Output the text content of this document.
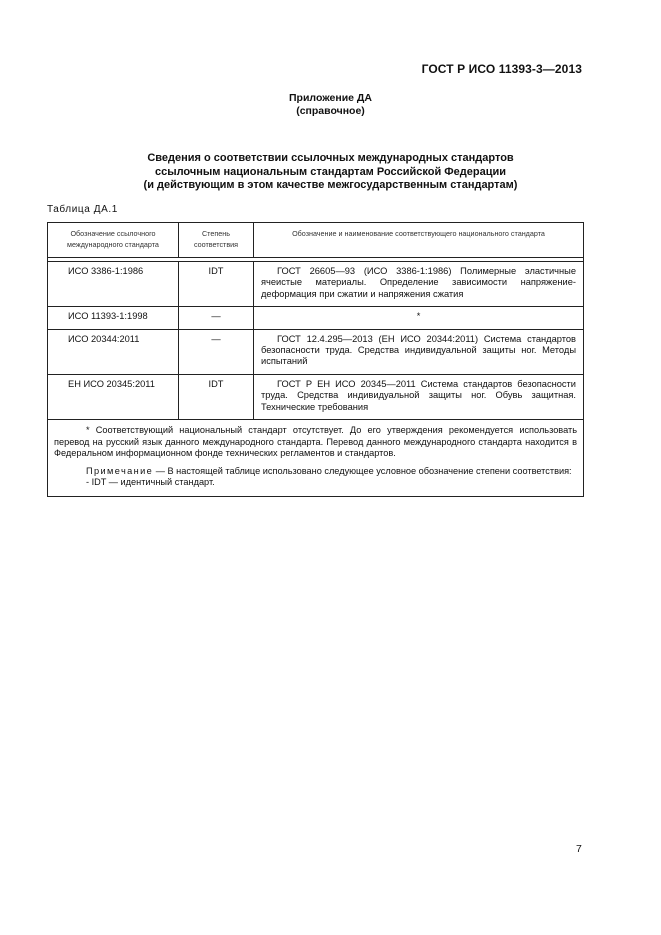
ГОСТ Р ИСО 11393-3—2013
Приложение ДА
(справочное)
Сведения о соответствии ссылочных международных стандартов
ссылочным национальным стандартам Российской Федерации
(и действующим в этом качестве межгосударственным стандартам)
Таблица ДА.1
Обозначение ссылочного международного стандарта	Степень соответствия	Обозначение и наименование соответствующего национального стандарта

ИСО 3386-1:1986	IDT	ГОСТ 26605—93 (ИСО 3386-1:1986) Полимерные эластичные ячеистые материалы. Определение зависимости напряжение-деформация при сжатии и напряжения сжатия

ИСО 11393-1:1998	—	*
ИСО 20344:2011	—	ГОСТ 12.4.295—2013 (ЕН ИСО 20344:2011) Система стандартов безопасности труда. Средства индивидуальной защиты ног. Методы испытаний

ЕН ИСО 20345:2011	IDT	ГОСТ Р ЕН ИСО 20345—2011 Система стандартов безопасности труда. Средства индивидуальной защиты ног. Обувь защитная. Технические требования

* Соответствующий национальный стандарт отсутствует. До его утверждения рекомендуется использовать перевод на русский язык данного международного стандарта. Перевод данного международного стандарта находится в Федеральном информационном фонде технических регламентов и стандартов.

Примечание — В настоящей таблице использовано следующее условное обозначение степени соответствия:

- IDT — идентичный стандарт.		

7
